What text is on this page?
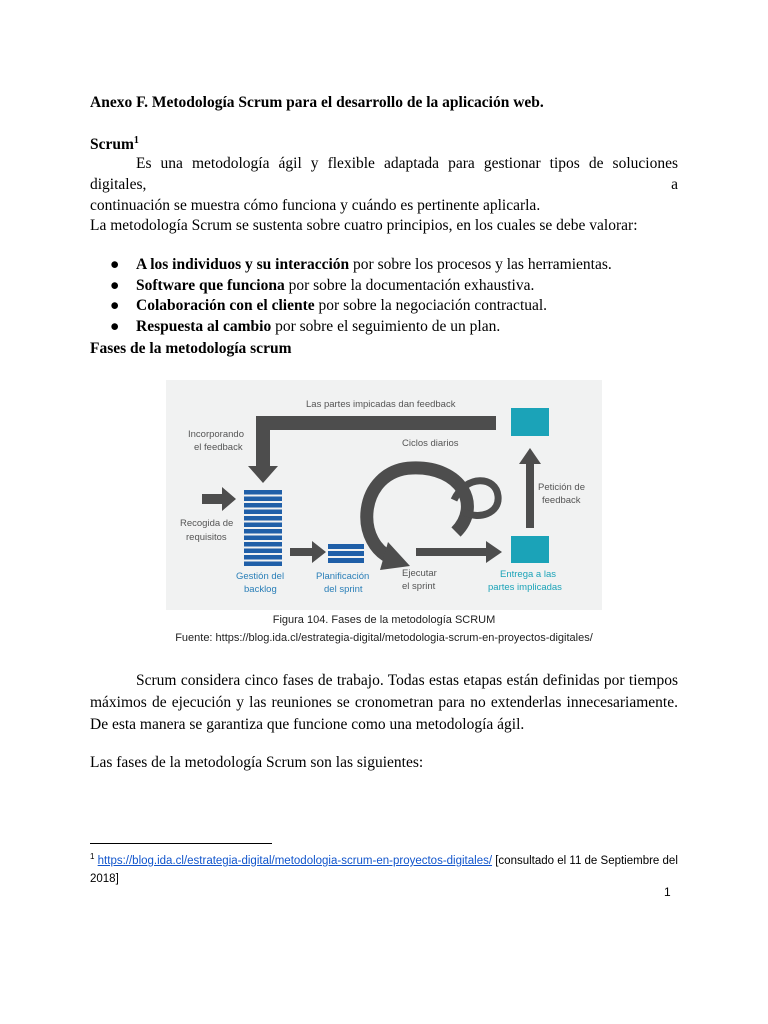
Anexo F. Metodología Scrum para el desarrollo de la aplicación web.
Scrum$^1$
Es una metodología ágil y flexible adaptada para gestionar tipos de soluciones digitales, a
continuación se muestra cómo funciona y cuándo es pertinente aplicarla.
La metodología Scrum se sustenta sobre cuatro principios, en los cuales se debe valorar:
● A los individuos y su interacción por sobre los procesos y las herramientas.
● Software que funciona por sobre la documentación exhaustiva.
● Colaboración con el cliente por sobre la negociación contractual.
● Respuesta al cambio por sobre el seguimiento de un plan.
Fases de la metodología scrum
Las partes impicadas dan feedback
Incorporando
el feedback	Ciclos diarios
Petición de
feedback
Recogida de
requisitos
Gestión del
backlog
Planificación
del sprint
Ejecutar
el sprint
Entrega a las
partes implicadas
Figura 104. Fases de la metodología SCRUM
Fuente: https://blog.ida.cl/estrategia-digital/metodologia-scrum-en-proyectos-digitales/
Scrum considera cinco fases de trabajo. Todas estas etapas están definidas por tiempos máximos de ejecución y las reuniones se cronometran para no extenderlas innecesariamente. De esta manera se garantiza que funcione como una metodología ágil.
Las fases de la metodología Scrum son las siguientes:
$^1$ https://blog.ida.cl/estrategia-digital/metodologia-scrum-en-proyectos-digitales/ [consultado el 11 de Septiembre del 2018]
1
